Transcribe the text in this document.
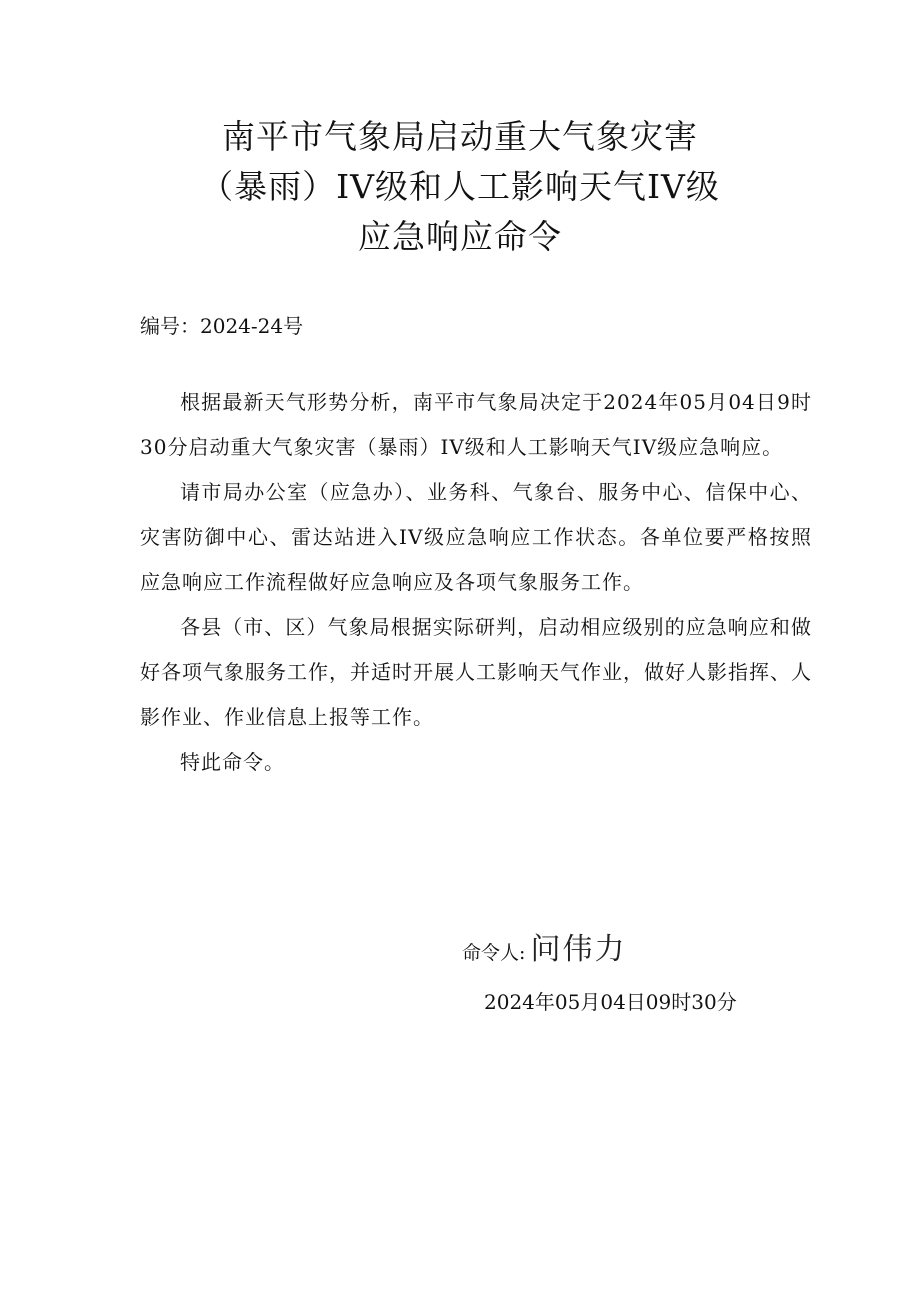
南平市气象局启动重大气象灾害
（暴雨）IV级和人工影响天气IV级
应急响应命令

编号：2024-24号

根据最新天气形势分析，南平市气象局决定于2024年05月04日9时30分启动重大气象灾害（暴雨）IV级和人工影响天气IV级应急响应。

请市局办公室（应急办）、业务科、气象台、服务中心、信保中心、灾害防御中心、雷达站进入IV级应急响应工作状态。各单位要严格按照应急响应工作流程做好应急响应及各项气象服务工作。

各县（市、区）气象局根据实际研判，启动相应级别的应急响应和做好各项气象服务工作，并适时开展人工影响天气作业，做好人影指挥、人影作业、作业信息上报等工作。

特此命令。

命令人: 问伟力
2024年05月04日09时30分
